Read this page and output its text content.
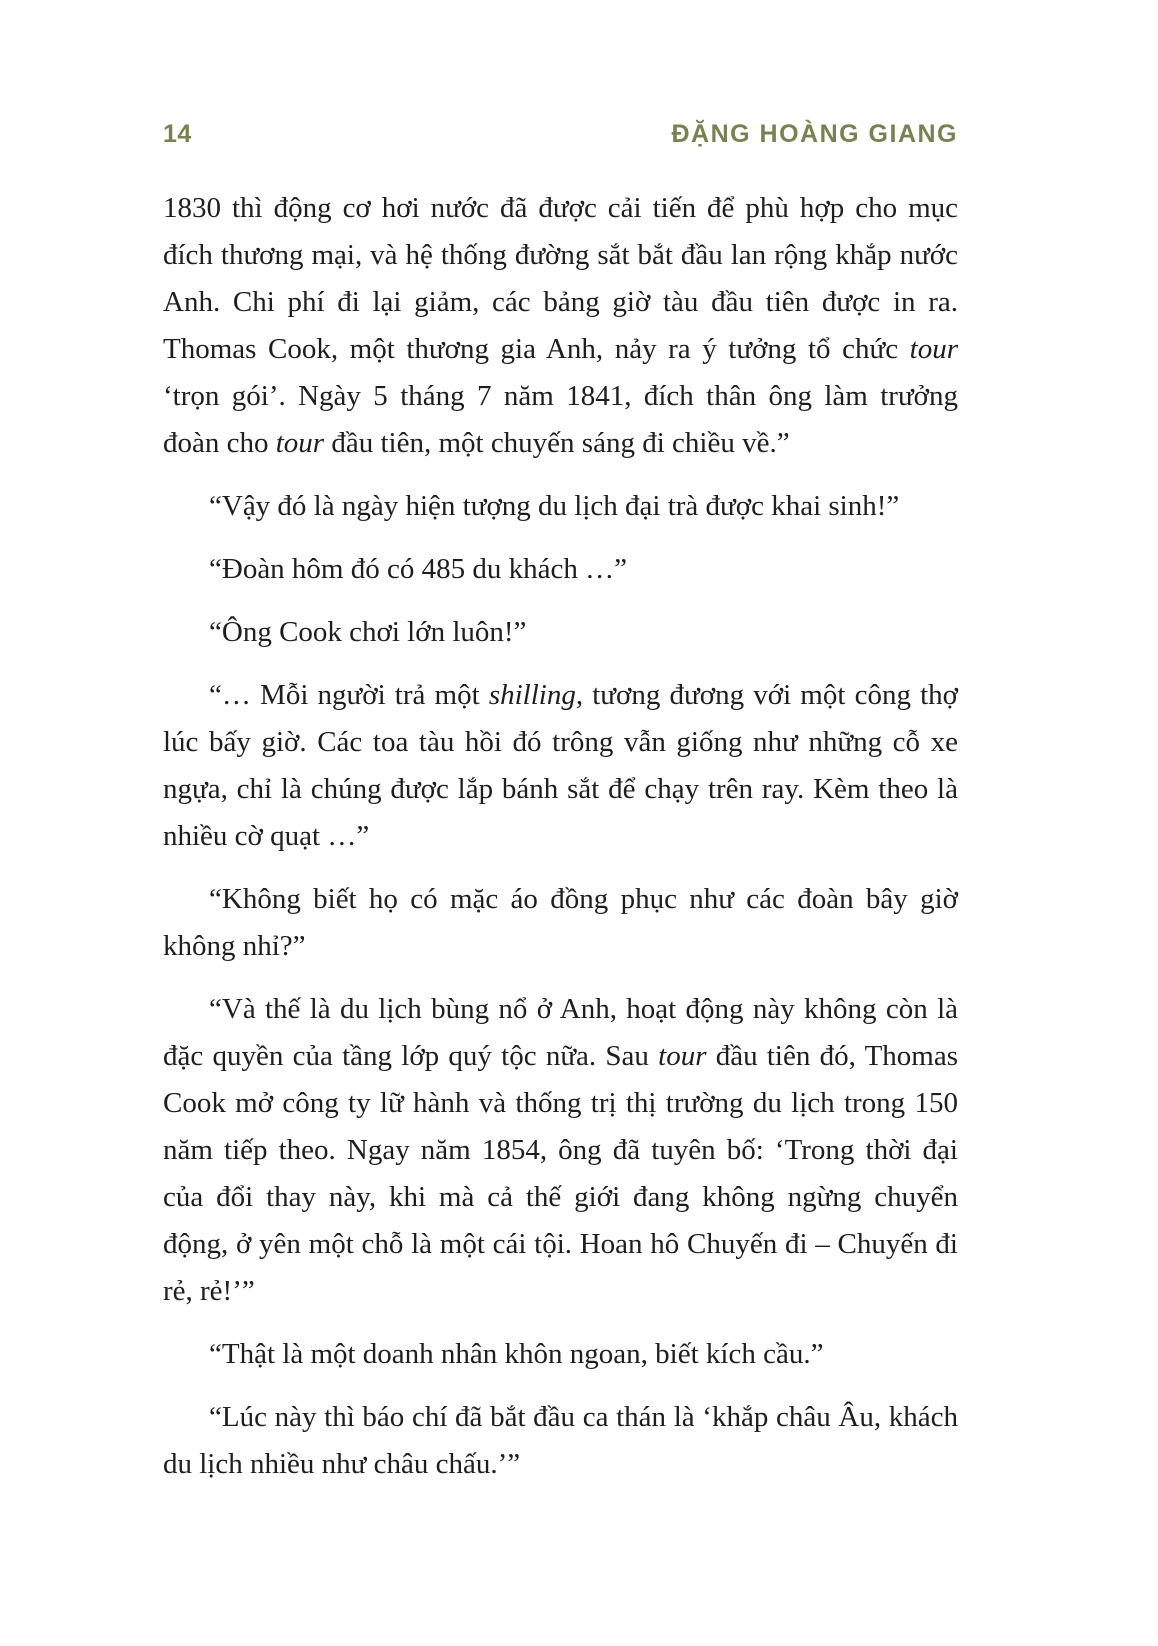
14	ĐẶNG HOÀNG GIANG

1830 thì động cơ hơi nước đã được cải tiến để phù hợp cho mục đích thương mại, và hệ thống đường sắt bắt đầu lan rộng khắp nước Anh. Chi phí đi lại giảm, các bảng giờ tàu đầu tiên được in ra. Thomas Cook, một thương gia Anh, nảy ra ý tưởng tổ chức tour ‘trọn gói’. Ngày 5 tháng 7 năm 1841, đích thân ông làm trưởng đoàn cho tour đầu tiên, một chuyến sáng đi chiều về.”

“Vậy đó là ngày hiện tượng du lịch đại trà được khai sinh!”

“Đoàn hôm đó có 485 du khách …”

“Ông Cook chơi lớn luôn!”

“… Mỗi người trả một shilling, tương đương với một công thợ lúc bấy giờ. Các toa tàu hồi đó trông vẫn giống như những cỗ xe ngựa, chỉ là chúng được lắp bánh sắt để chạy trên ray. Kèm theo là nhiều cờ quạt …”

“Không biết họ có mặc áo đồng phục như các đoàn bây giờ không nhỉ?”

“Và thế là du lịch bùng nổ ở Anh, hoạt động này không còn là đặc quyền của tầng lớp quý tộc nữa. Sau tour đầu tiên đó, Thomas Cook mở công ty lữ hành và thống trị thị trường du lịch trong 150 năm tiếp theo. Ngay năm 1854, ông đã tuyên bố: ‘Trong thời đại của đổi thay này, khi mà cả thế giới đang không ngừng chuyển động, ở yên một chỗ là một cái tội. Hoan hô Chuyến đi – Chuyến đi rẻ, rẻ!’”

“Thật là một doanh nhân khôn ngoan, biết kích cầu.”

“Lúc này thì báo chí đã bắt đầu ca thán là ‘khắp châu Âu, khách du lịch nhiều như châu chấu.’”
